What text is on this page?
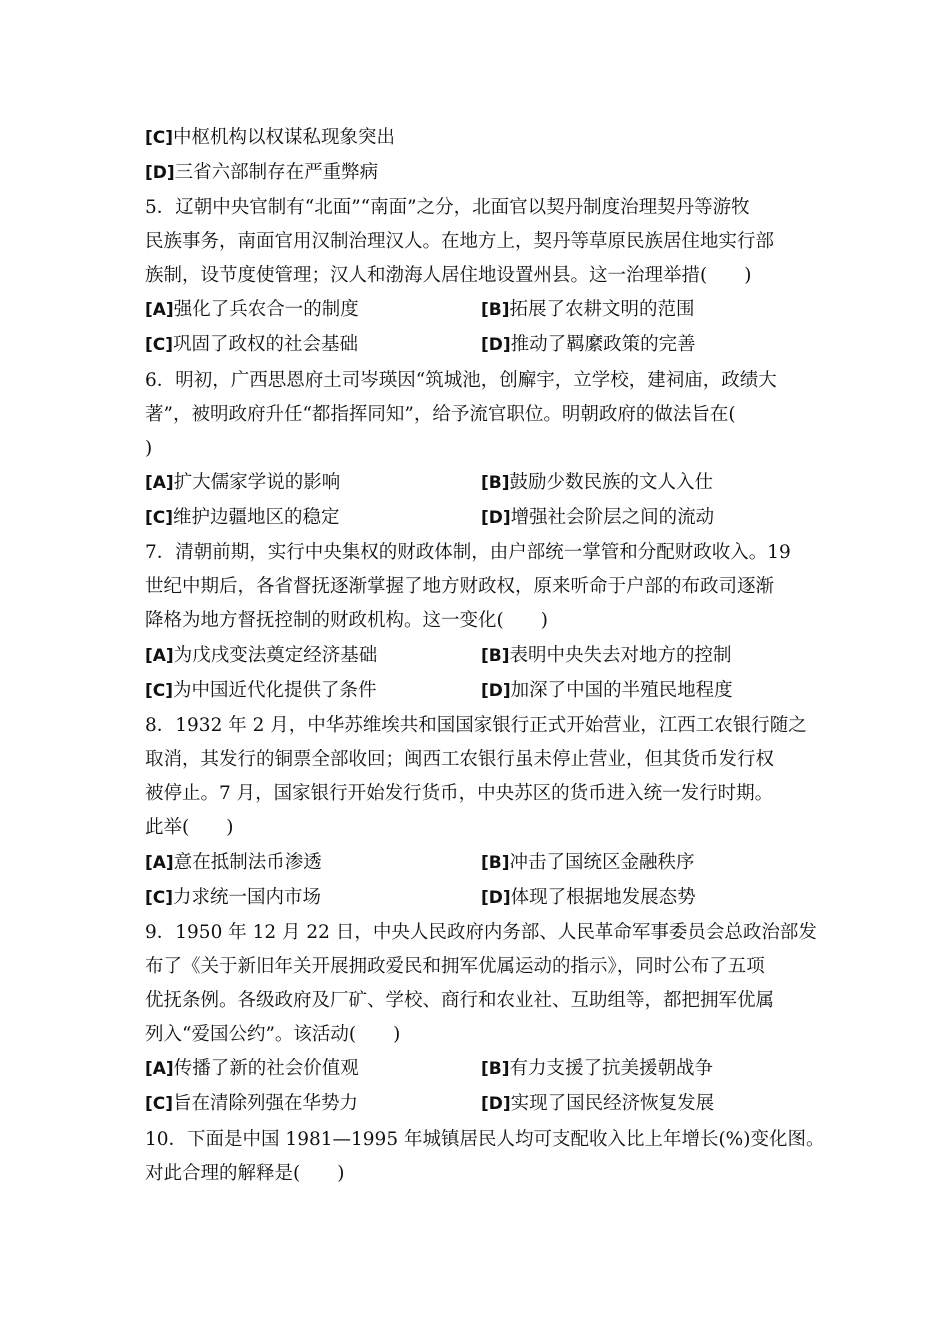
[C]中枢机构以权谋私现象突出
[D]三省六部制存在严重弊病
5．辽朝中央官制有“北面”“南面”之分，北面官以契丹制度治理契丹等游牧
民族事务，南面官用汉制治理汉人。在地方上，契丹等草原民族居住地实行部
族制，设节度使管理；汉人和渤海人居住地设置州县。这一治理举措(　　)
[A]强化了兵农合一的制度	[B]拓展了农耕文明的范围
[C]巩固了政权的社会基础	[D]推动了羁縻政策的完善
6．明初，广西思恩府土司岑瑛因“筑城池，创廨宇，立学校，建祠庙，政绩大
著”，被明政府升任“都指挥同知”，给予流官职位。明朝政府的做法旨在(
)
[A]扩大儒家学说的影响	[B]鼓励少数民族的文人入仕
[C]维护边疆地区的稳定	[D]增强社会阶层之间的流动
7．清朝前期，实行中央集权的财政体制，由户部统一掌管和分配财政收入。19
世纪中期后，各省督抚逐渐掌握了地方财政权，原来听命于户部的布政司逐渐
降格为地方督抚控制的财政机构。这一变化(　　)
[A]为戊戌变法奠定经济基础	[B]表明中央失去对地方的控制
[C]为中国近代化提供了条件	[D]加深了中国的半殖民地程度
8．1932 年 2 月，中华苏维埃共和国国家银行正式开始营业，江西工农银行随之
取消，其发行的铜票全部收回；闽西工农银行虽未停止营业，但其货币发行权
被停止。7 月，国家银行开始发行货币，中央苏区的货币进入统一发行时期。
此举(　　)
[A]意在抵制法币渗透	[B]冲击了国统区金融秩序
[C]力求统一国内市场	[D]体现了根据地发展态势
9．1950 年 12 月 22 日，中央人民政府内务部、人民革命军事委员会总政治部发
布了《关于新旧年关开展拥政爱民和拥军优属运动的指示》，同时公布了五项
优抚条例。各级政府及厂矿、学校、商行和农业社、互助组等，都把拥军优属
列入“爱国公约”。该活动(　　)
[A]传播了新的社会价值观	[B]有力支援了抗美援朝战争
[C]旨在清除列强在华势力	[D]实现了国民经济恢复发展
10．下面是中国 1981—1995 年城镇居民人均可支配收入比上年增长(%)变化图。
对此合理的解释是(　　)
